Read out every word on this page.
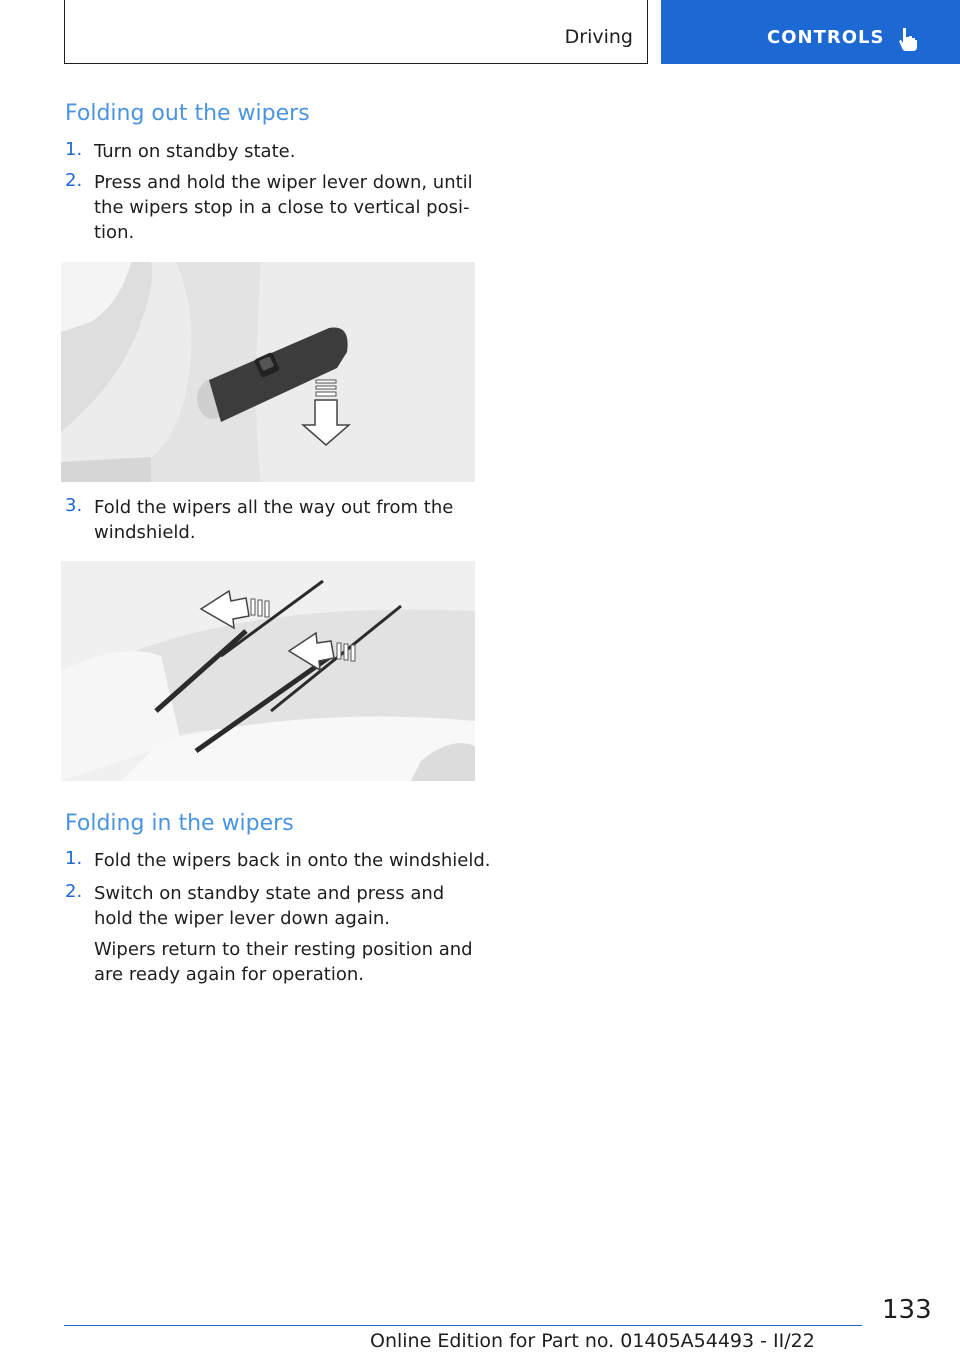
Driving	CONTROLS
Folding out the wipers
1. Turn on standby state.
2. Press and hold the wiper lever down, until the wipers stop in a close to vertical posi-tion.
3. Fold the wipers all the way out from the windshield.
Folding in the wipers
1. Fold the wipers back in onto the windshield.
2. Switch on standby state and press and hold the wiper lever down again.
Wipers return to their resting position and are ready again for operation.
133
Online Edition for Part no. 01405A54493 - II/22
